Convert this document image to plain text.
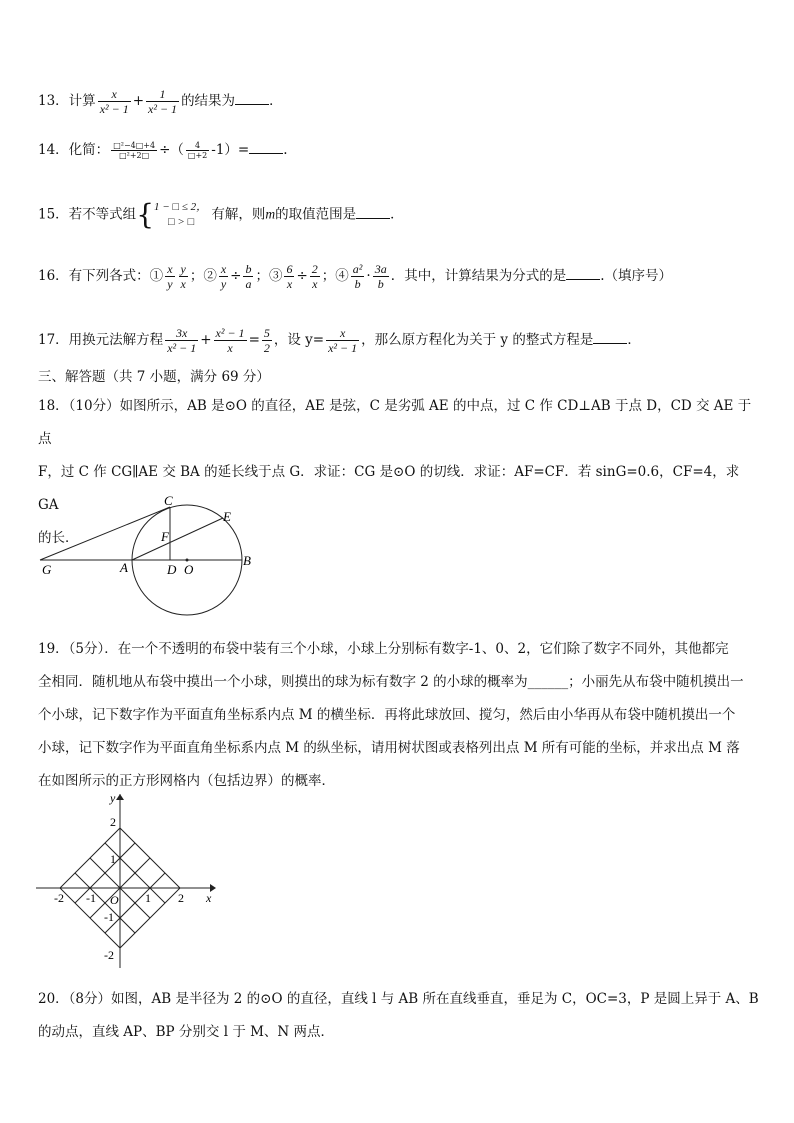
13．计算 $\frac{x}{\text{x² − 1}} + \frac{1}{\text{x² − 1}}$ 的结果为	．
14．化简： $\frac{\text{□²−4□+4}}{\text{□²+2□}}$ ÷（ $\frac{4}{□+2} -1)=$	.
15．若不等式组{ 1 − □ ≤ 2，
□ > □	有解，则m的取值范围是	．
16．有下列各式：① $\frac{x}{y} \frac{y}{x}$ ；② $\frac{x}{y} \div \frac{b}{a}$ ；③ $\frac{6}{x} \div \frac{2}{x}$ ；④ $\frac{\text{a²}}{b} \cdot \frac{3a}{b}$ ．其中，计算结果为分式的是	.（填序号）
17．用换元法解方程 $\frac{3x}{\text{x² − 1}} + \frac{\text{x² − 1}}{x} = \frac{5}{2}$ ，设 $y= \frac{x}{\text{x² − 1}}$ ，那么原方程化为关于 y 的整式方程是	．
三、解答题（共 7 小题，满分 69 分）
18．（10分）如图所示，AB 是⊙O 的直径，AE 是弦，C 是劣弧 AE 的中点，过 C 作 CD⊥AB 于点 D，CD 交 AE 于点
F，过 C 作 CG∥AE 交 BA 的延长线于点 G．求证：CG 是⊙O 的切线．求证：AF=CF．若 sinG=0.6，CF=4，求 GA
的长．
C
E
F
G	A	D O
B
19．（5分）．在一个不透明的布袋中装有三个小球，小球上分别标有数字-1、0、2，它们除了数字不同外，其他都完
全相同．随机地从布袋中摸出一个小球，则摸出的球为标有数字 2 的小球的概率为______；小丽先从布袋中随机摸出一
个小球，记下数字作为平面直角坐标系内点 M 的横坐标．再将此球放回、搅匀，然后由小华再从布袋中随机摸出一个
小球，记下数字作为平面直角坐标系内点 M 的纵坐标，请用树状图或表格列出点 M 所有可能的坐标，并求出点 M 落
在如图所示的正方形网格内（包括边界）的概率．
y
x
O
2
1
-1
-2
1 2
-1
-2
20．（8分）如图，AB 是半径为 2 的⊙O 的直径，直线 l 与 AB 所在直线垂直，垂足为 C，OC=3，P 是圆上异于 A、B
的动点，直线 AP、BP 分别交 l 于 M、N 两点．
